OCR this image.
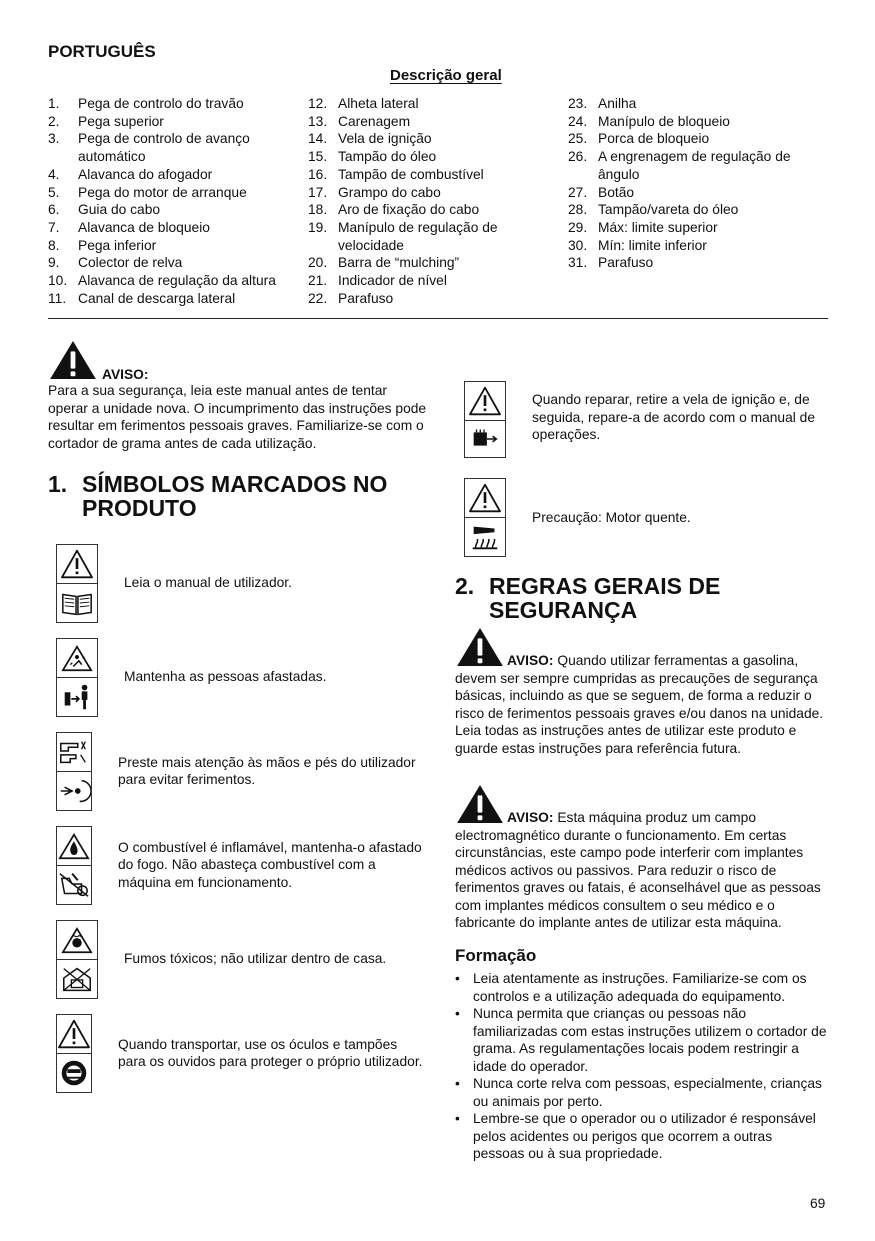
PORTUGUÊS
Descrição geral
1.	Pega de controlo do travão
2.	Pega superior
3.	Pega de controlo de avanço automático
4.	Alavanca do afogador
5.	Pega do motor de arranque
6.	Guia do cabo
7.	Alavanca de bloqueio
8.	Pega inferior
9.	Colector de relva
10. Alavanca de regulação da altura
11. Canal de descarga lateral
12. Alheta lateral
13. Carenagem
14. Vela de ignição
15. Tampão do óleo
16. Tampão de combustível
17. Grampo do cabo
18. Aro de fixação do cabo
19. Manípulo de regulação de velocidade
20. Barra de “mulching”
21. Indicador de nível
22. Parafuso
23. Anilha
24. Manípulo de bloqueio
25. Porca de bloqueio
26. A engrenagem de regulação de ângulo
27. Botão
28. Tampão/vareta do óleo
29. Máx: limite superior
30. Mín: limite inferior
31. Parafuso
AVISO:
Para a sua segurança, leia este manual antes de tentar operar a unidade nova. O incumprimento das instruções pode resultar em ferimentos pessoais graves. Familiarize-se com o cortador de grama antes de cada utilização.
1. SÍMBOLOS MARCADOS NO PRODUTO
Leia o manual de utilizador.
Mantenha as pessoas afastadas.
Preste mais atenção às mãos e pés do utilizador para evitar ferimentos.
O combustível é inflamável, mantenha-o afastado do fogo. Não abasteça combustível com a máquina em funcionamento.
Fumos tóxicos; não utilizar dentro de casa.
Quando transportar, use os óculos e tampões para os ouvidos para proteger o próprio utilizador.
Quando reparar, retire a vela de ignição e, de seguida, repare-a de acordo com o manual de operações.
Precaução: Motor quente.
2. REGRAS GERAIS DE SEGURANÇA
AVISO: Quando utilizar ferramentas a gasolina, devem ser sempre cumpridas as precauções de segurança básicas, incluindo as que se seguem, de forma a reduzir o risco de ferimentos pessoais graves e/ou danos na unidade. Leia todas as instruções antes de utilizar este produto e guarde estas instruções para referência futura.
AVISO: Esta máquina produz um campo electromagnético durante o funcionamento. Em certas circunstâncias, este campo pode interferir com implantes médicos activos ou passivos. Para reduzir o risco de ferimentos graves ou fatais, é aconselhável que as pessoas com implantes médicos consultem o seu médico e o fabricante do implante antes de utilizar esta máquina.
Formação
• Leia atentamente as instruções. Familiarize-se com os controlos e a utilização adequada do equipamento.
• Nunca permita que crianças ou pessoas não familiarizadas com estas instruções utilizem o cortador de grama. As regulamentações locais podem restringir a idade do operador.
• Nunca corte relva com pessoas, especialmente, crianças ou animais por perto.
• Lembre-se que o operador ou o utilizador é responsável pelos acidentes ou perigos que ocorrem a outras pessoas ou à sua propriedade.
69
